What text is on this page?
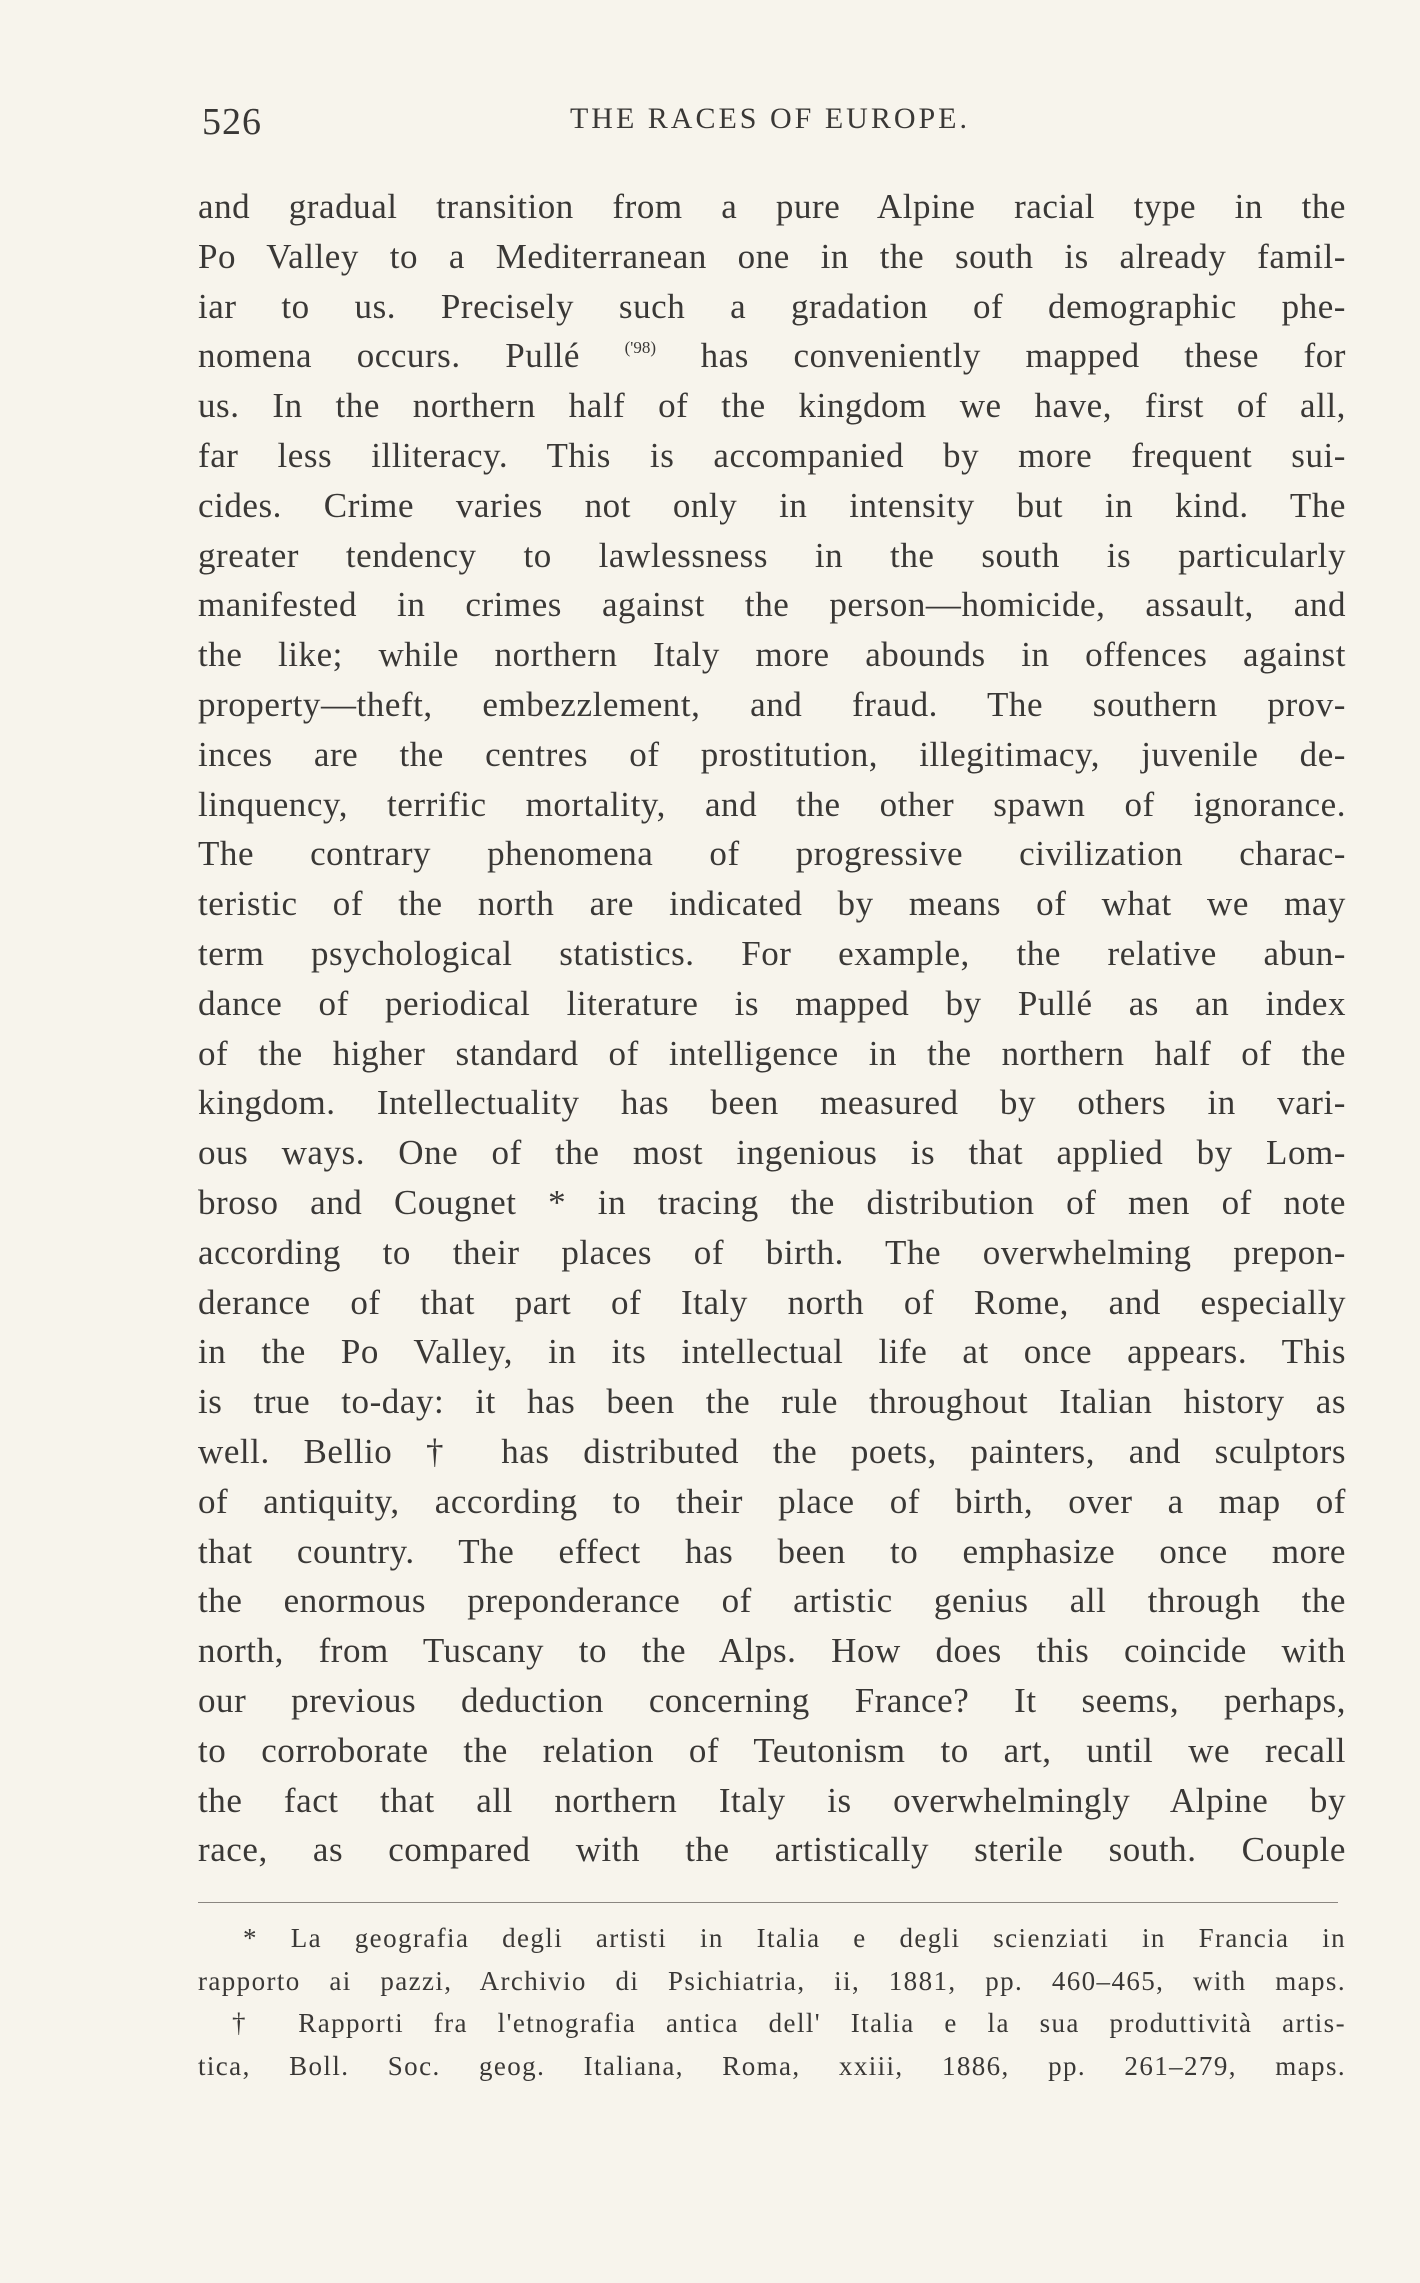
526	THE RACES OF EUROPE.
and gradual transition from a pure Alpine racial type in the
Po Valley to a Mediterranean one in the south is already famil-
iar to us. Precisely such a gradation of demographic phe-
nomena occurs. Pullé	$^{('98)}$ has conveniently mapped these for
us. In the northern half of the kingdom we have, first of all,
far less illiteracy. This is accompanied by more frequent sui-
cides. Crime varies not only in intensity but in kind. The
greater tendency to lawlessness in the south is particularly
manifested in crimes against the person—homicide, assault, and
the like; while northern Italy more abounds in offences against
property—theft, embezzlement, and fraud. The southern prov-
inces are the centres of prostitution, illegitimacy, juvenile de-
linquency, terrific mortality, and the other spawn of ignorance.
The contrary phenomena of progressive civilization charac-
teristic of the north are indicated by means of what we may
term psychological statistics. For example, the relative abun-
dance of periodical literature is mapped by Pullé as an index
of the higher standard of intelligence in the northern half of the
kingdom. Intellectuality has been measured by others in vari-
ous ways. One of the most ingenious is that applied by Lom-
broso and Cougnet * in tracing the distribution of men of note
according to their places of birth. The overwhelming prepon-
derance of that part of Italy north of Rome, and especially
in the Po Valley, in its intellectual life at once appears. This
is true to-day: it has been the rule throughout Italian history as
well. Bellio † has distributed the poets, painters, and sculptors
of antiquity, according to their place of birth, over a map of
that country. The effect has been to emphasize once more
the enormous preponderance of artistic genius all through the
north, from Tuscany to the Alps. How does this coincide with
our previous deduction concerning France? It seems, perhaps,
to corroborate the relation of Teutonism to art, until we recall
the fact that all northern Italy is overwhelmingly Alpine by
race, as compared with the artistically sterile south. Couple
* La geografia degli artisti in Italia e degli scienziati in Francia in
rapporto ai pazzi, Archivio di Psichiatria, ii, 1881, pp. 460–465, with maps.
† Rapporti fra l'etnografia antica dell' Italia e la sua produttività artis-
tica, Boll. Soc. geog. Italiana, Roma, xxiii, 1886, pp. 261–279, maps.
